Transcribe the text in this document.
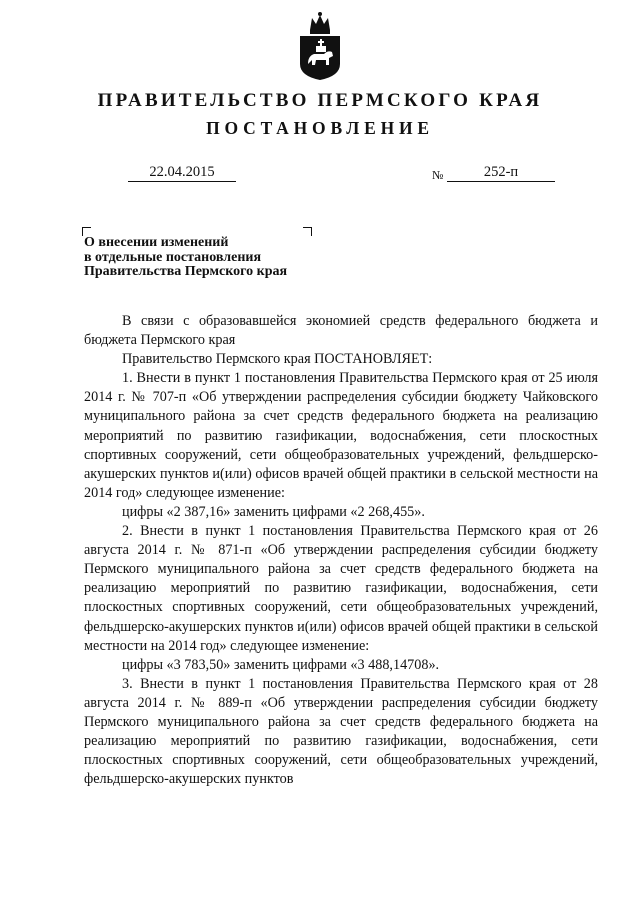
ПРАВИТЕЛЬСТВО ПЕРМСКОГО КРАЯ
ПОСТАНОВЛЕНИЕ
22.04.2015	№	252-п
О внесении изменений
в отдельные постановления
Правительства Пермского края

В связи с образовавшейся экономией средств федерального бюджета и бюджета Пермского края

Правительство Пермского края ПОСТАНОВЛЯЕТ:

1. Внести в пункт 1 постановления Правительства Пермского края от 25 июля 2014 г. № 707-п «Об утверждении распределения субсидии бюджету Чайковского муниципального района за счет средств федерального бюджета на реализацию мероприятий по развитию газификации, водоснабжения, сети плоскостных спортивных сооружений, сети общеобразовательных учреждений, фельдшерско-акушерских пунктов и(или) офисов врачей общей практики в сельской местности на 2014 год» следующее изменение:

цифры «2 387,16» заменить цифрами «2 268,455».

2. Внести в пункт 1 постановления Правительства Пермского края от 26 августа 2014 г. № 871-п «Об утверждении распределения субсидии бюджету Пермского муниципального района за счет средств федерального бюджета на реализацию мероприятий по развитию газификации, водоснабжения, сети плоскостных спортивных сооружений, сети общеобразовательных учреждений, фельдшерско-акушерских пунктов и(или) офисов врачей общей практики в сельской местности на 2014 год» следующее изменение:

цифры «3 783,50» заменить цифрами «3 488,14708».

3. Внести в пункт 1 постановления Правительства Пермского края от 28 августа 2014 г. № 889-п «Об утверждении распределения субсидии бюджету Пермского муниципального района за счет средств федерального бюджета на реализацию мероприятий по развитию газификации, водоснабжения, сети плоскостных спортивных сооружений, сети общеобразовательных учреждений, фельдшерско-акушерских пунктов
